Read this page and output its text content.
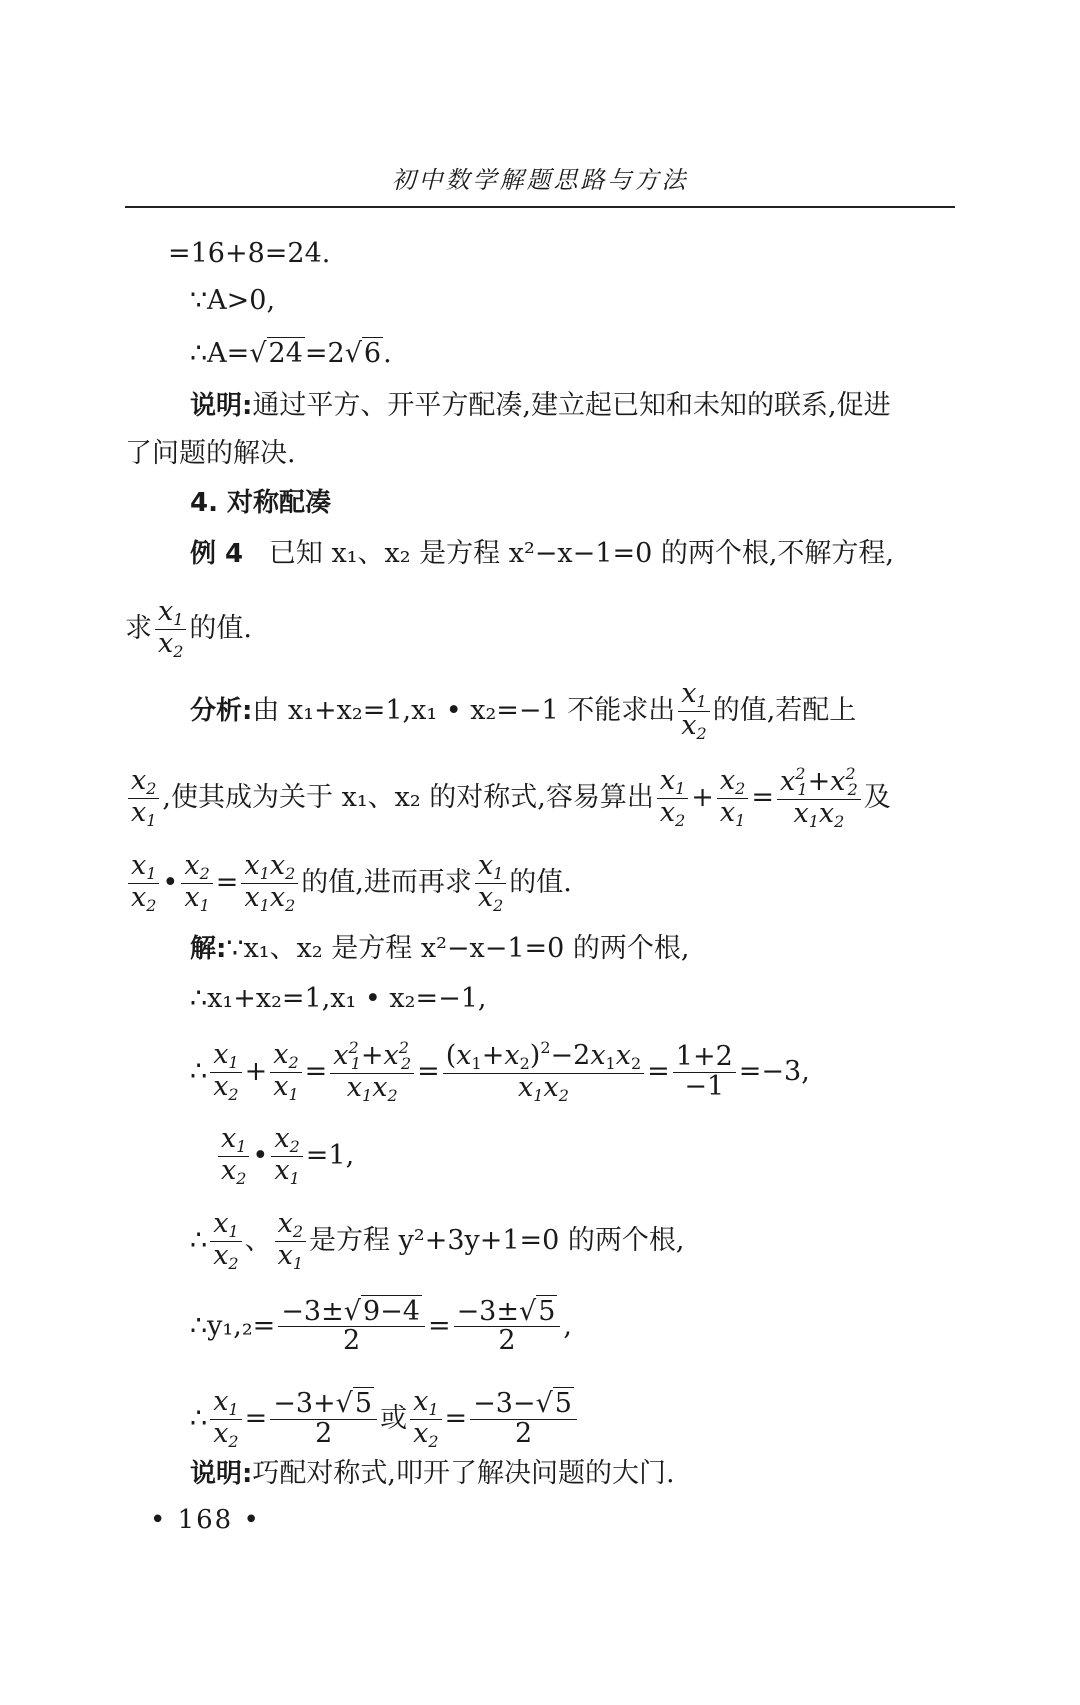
初中数学解题思路与方法
=16+8=24.
∵A>0,
∴A=√24=2√6.
说明:通过平方、开平方配凑,建立起已知和未知的联系,促进
了问题的解决.
4. 对称配凑
例 4 已知 x₁、x₂ 是方程 x²−x−1=0 的两个根,不解方程,
求 $\frac{x_1}{x_2}$ 的值.
分析:由 x₁+x₂=1,x₁ • x₂=−1 不能求出 $\frac{x_1}{x_2}$ 的值,若配上
$\frac{x_2}{x_1}$ ,使其成为关于 x₁、x₂ 的对称式,容易算出 $\frac{x_1}{x_2} + \frac{x_2}{x_1} = \frac{x^2_1+x^2_2}{x_1x_2}$ 及
$\frac{x_1}{x_2}$ • $\frac{x_2}{x_1} = \frac{x_1x_2}{x_1x_2}$ 的值,进而再求 $\frac{x_1}{x_2}$ 的值.
解:∵x₁、x₂ 是方程 x²−x−1=0 的两个根,
∴x₁+x₂=1,x₁ • x₂=−1,
∴ $\frac{x_1}{x_2} + \frac{x_2}{x_1} = \frac{x^2_1+x^2_2}{x_1x_2} = \frac{(x_1+x_2)^2-2x_1x_2}{x_1x_2} = \frac{1+2}{-1} =-3$,
$\frac{x_1}{x_2}$ • $\frac{x_2}{x_1} =1$,
∴ $\frac{x_1}{x_2}$ 、 $\frac{x_2}{x_1}$ 是方程 y²+3y+1=0 的两个根,
∴y₁,₂= $\frac{-3\pm√9-4}{2} = \frac{-3\pm√5}{2}$ ,
∴ $\frac{x_1}{x_2} = \frac{-3+√5}{2}$ 或 $\frac{x_1}{x_2} = \frac{-3-√5}{2}$
说明:巧配对称式,叩开了解决问题的大门.
• 168 •
